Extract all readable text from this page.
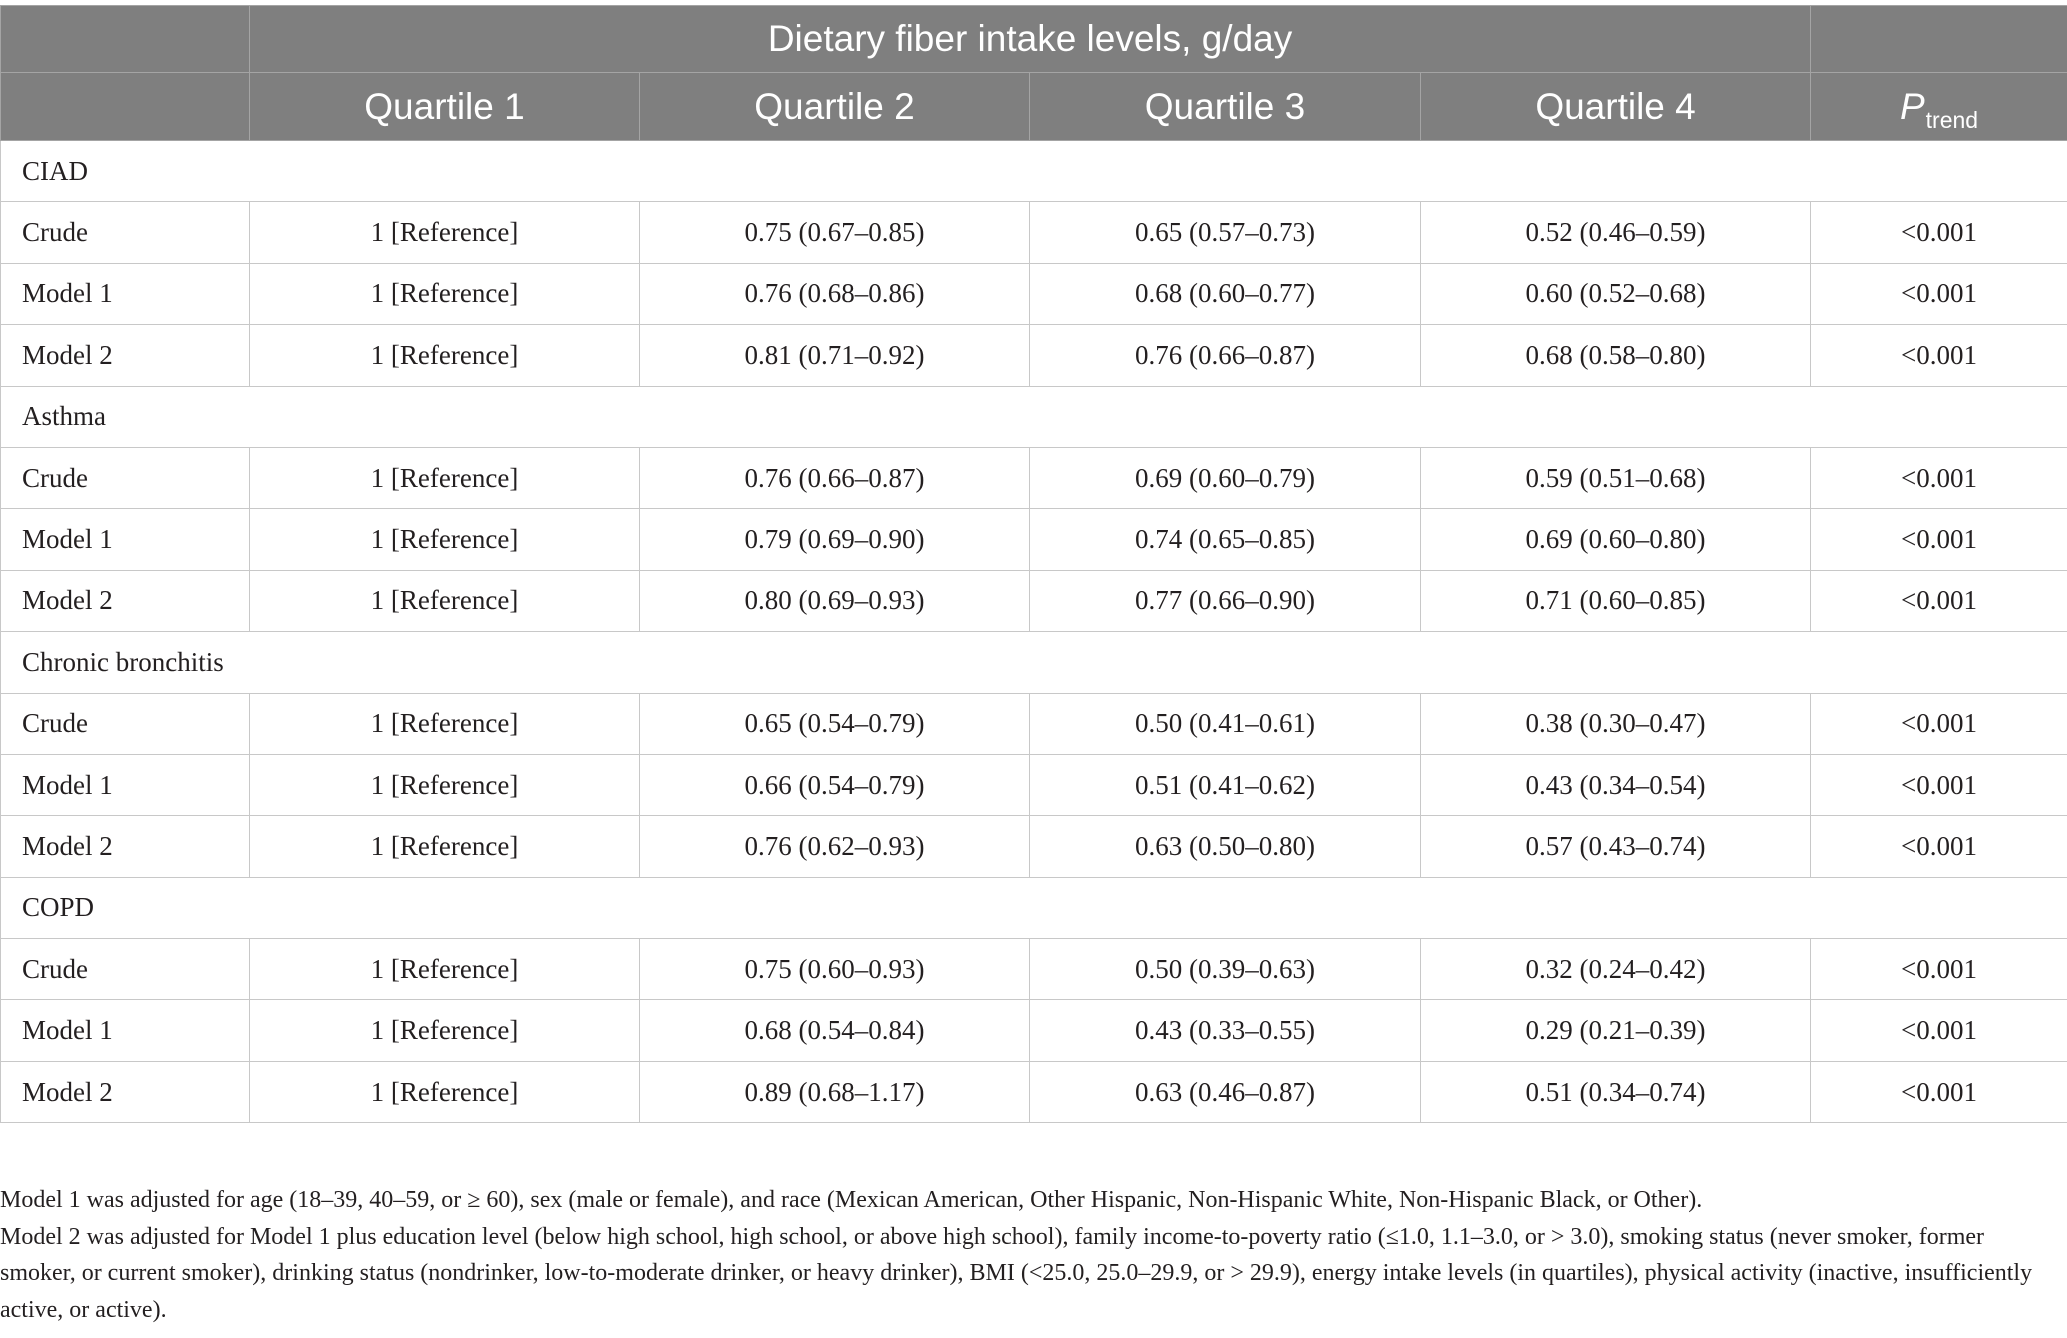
	Dietary fiber intake levels, g/day				
	Quartile 1	Quartile 2	Quartile 3	Quartile 4	$P_{trend}$
CIAD					
Crude	1 [Reference]	0.75 (0.67–0.85)	0.65 (0.57–0.73)	0.52 (0.46–0.59)	<0.001
Model 1	1 [Reference]	0.76 (0.68–0.86)	0.68 (0.60–0.77)	0.60 (0.52–0.68)	<0.001
Model 2	1 [Reference]	0.81 (0.71–0.92)	0.76 (0.66–0.87)	0.68 (0.58–0.80)	<0.001
Asthma					
Crude	1 [Reference]	0.76 (0.66–0.87)	0.69 (0.60–0.79)	0.59 (0.51–0.68)	<0.001
Model 1	1 [Reference]	0.79 (0.69–0.90)	0.74 (0.65–0.85)	0.69 (0.60–0.80)	<0.001
Model 2	1 [Reference]	0.80 (0.69–0.93)	0.77 (0.66–0.90)	0.71 (0.60–0.85)	<0.001
Chronic bronchitis					
Crude	1 [Reference]	0.65 (0.54–0.79)	0.50 (0.41–0.61)	0.38 (0.30–0.47)	<0.001
Model 1	1 [Reference]	0.66 (0.54–0.79)	0.51 (0.41–0.62)	0.43 (0.34–0.54)	<0.001
Model 2	1 [Reference]	0.76 (0.62–0.93)	0.63 (0.50–0.80)	0.57 (0.43–0.74)	<0.001
COPD					
Crude	1 [Reference]	0.75 (0.60–0.93)	0.50 (0.39–0.63)	0.32 (0.24–0.42)	<0.001
Model 1	1 [Reference]	0.68 (0.54–0.84)	0.43 (0.33–0.55)	0.29 (0.21–0.39)	<0.001
Model 2	1 [Reference]	0.89 (0.68–1.17)	0.63 (0.46–0.87)	0.51 (0.34–0.74)	<0.001

Model 1 was adjusted for age (18–39, 40–59, or ≥ 60), sex (male or female), and race (Mexican American, Other Hispanic, Non-Hispanic White, Non-Hispanic Black, or Other).

Model 2 was adjusted for Model 1 plus education level (below high school, high school, or above high school), family income-to-poverty ratio (≤1.0, 1.1–3.0, or > 3.0), smoking status (never smoker, former smoker, or current smoker), drinking status (nondrinker, low-to-moderate drinker, or heavy drinker), BMI (<25.0, 25.0–29.9, or > 29.9), energy intake levels (in quartiles), physical activity (inactive, insufficiently active, or active).
